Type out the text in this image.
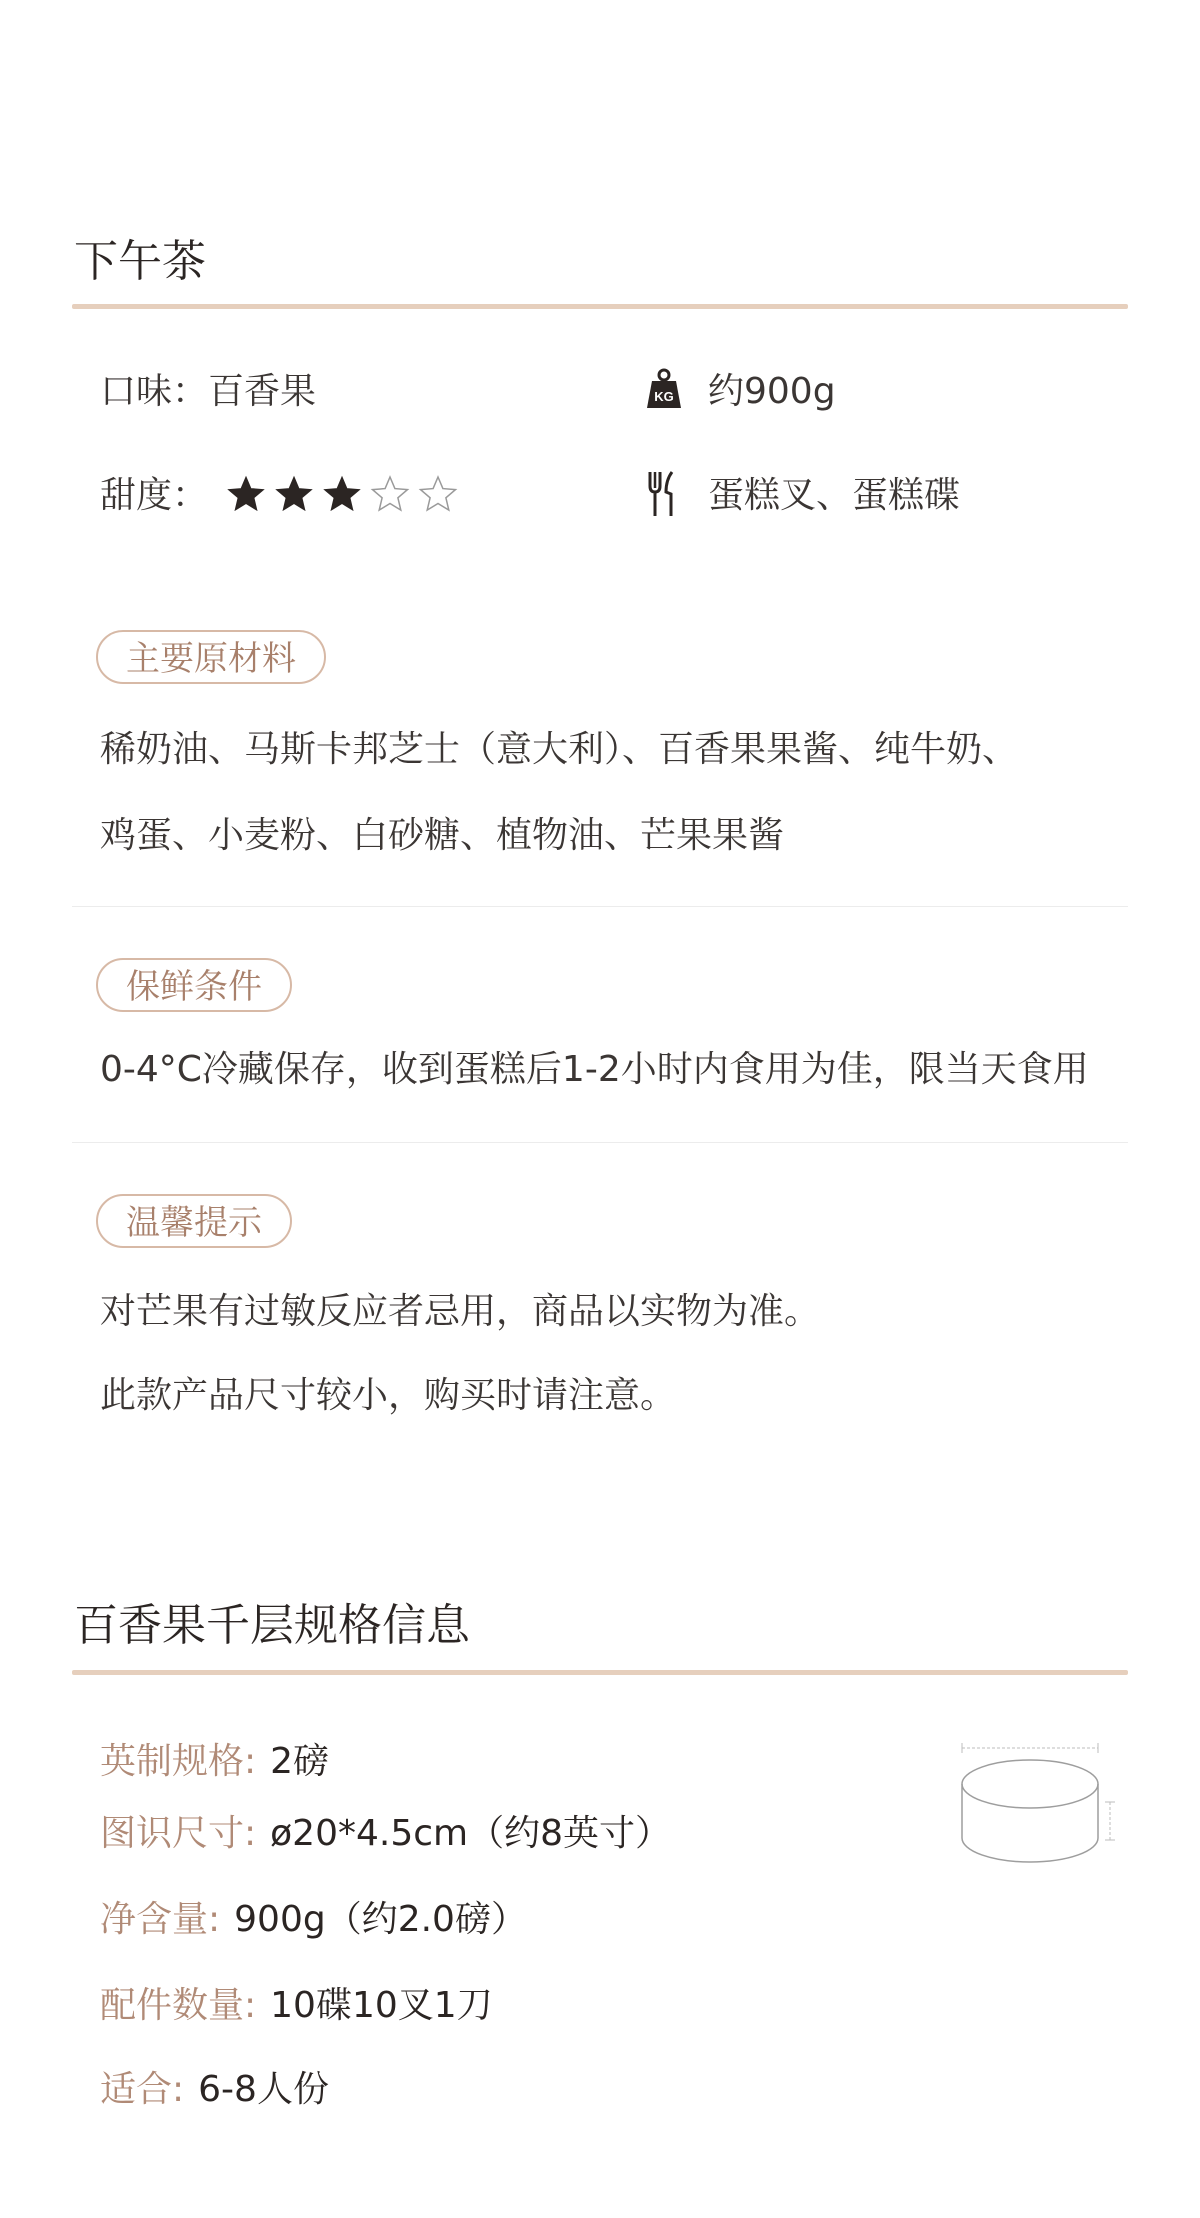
下午茶
口味：百香果	KG 约900g
甜度：	蛋糕叉、蛋糕碟
主要原材料
稀奶油、马斯卡邦芝士（意大利）、百香果果酱、纯牛奶、
鸡蛋、小麦粉、白砂糖、植物油、芒果果酱
保鲜条件
0-4°C冷藏保存，收到蛋糕后1-2小时内食用为佳，限当天食用
温馨提示
对芒果有过敏反应者忌用，商品以实物为准。
此款产品尺寸较小，购买时请注意。
百香果千层规格信息
英制规格: 2磅
图识尺寸: ø20*4.5cm（约8英寸）
净含量: 900g（约2.0磅）
配件数量: 10碟10叉1刀
适合: 6-8人份
